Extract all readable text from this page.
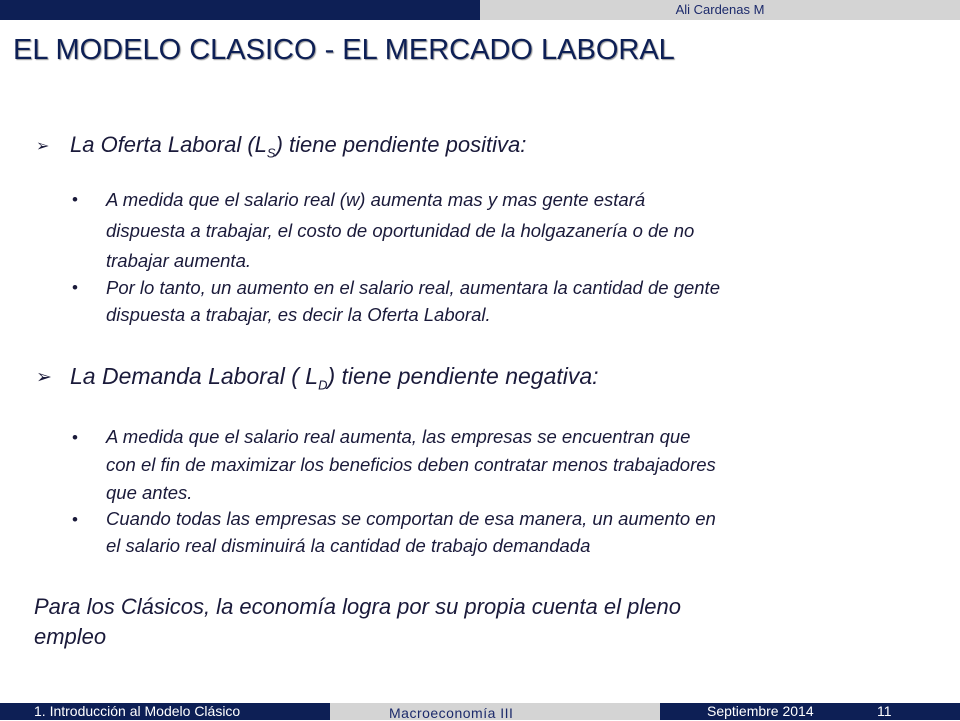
Ali Cardenas M
EL MODELO CLASICO - EL MERCADO LABORAL
➢ La Oferta Laboral $(L_S)$ tiene pendiente positiva:
• A medida que el salario real (w) aumenta mas y mas gente estará
dispuesta a trabajar, el costo de oportunidad de la holgazanería o de no
trabajar aumenta.
• Por lo tanto, un aumento en el salario real, aumentara la cantidad de gente
dispuesta a trabajar, es decir la Oferta Laboral.
➢ La Demanda Laboral ( $L_D$) tiene pendiente negativa:
• A medida que el salario real aumenta, las empresas se encuentran que
con el fin de maximizar los beneficios deben contratar menos trabajadores
que antes.
• Cuando todas las empresas se comportan de esa manera, un aumento en
el salario real disminuirá la cantidad de trabajo demandada
Para los Clásicos, la economía logra por su propia cuenta el pleno
empleo
1. Introducción al Modelo Clásico	Macroeconomía III	Septiembre 2014	11
